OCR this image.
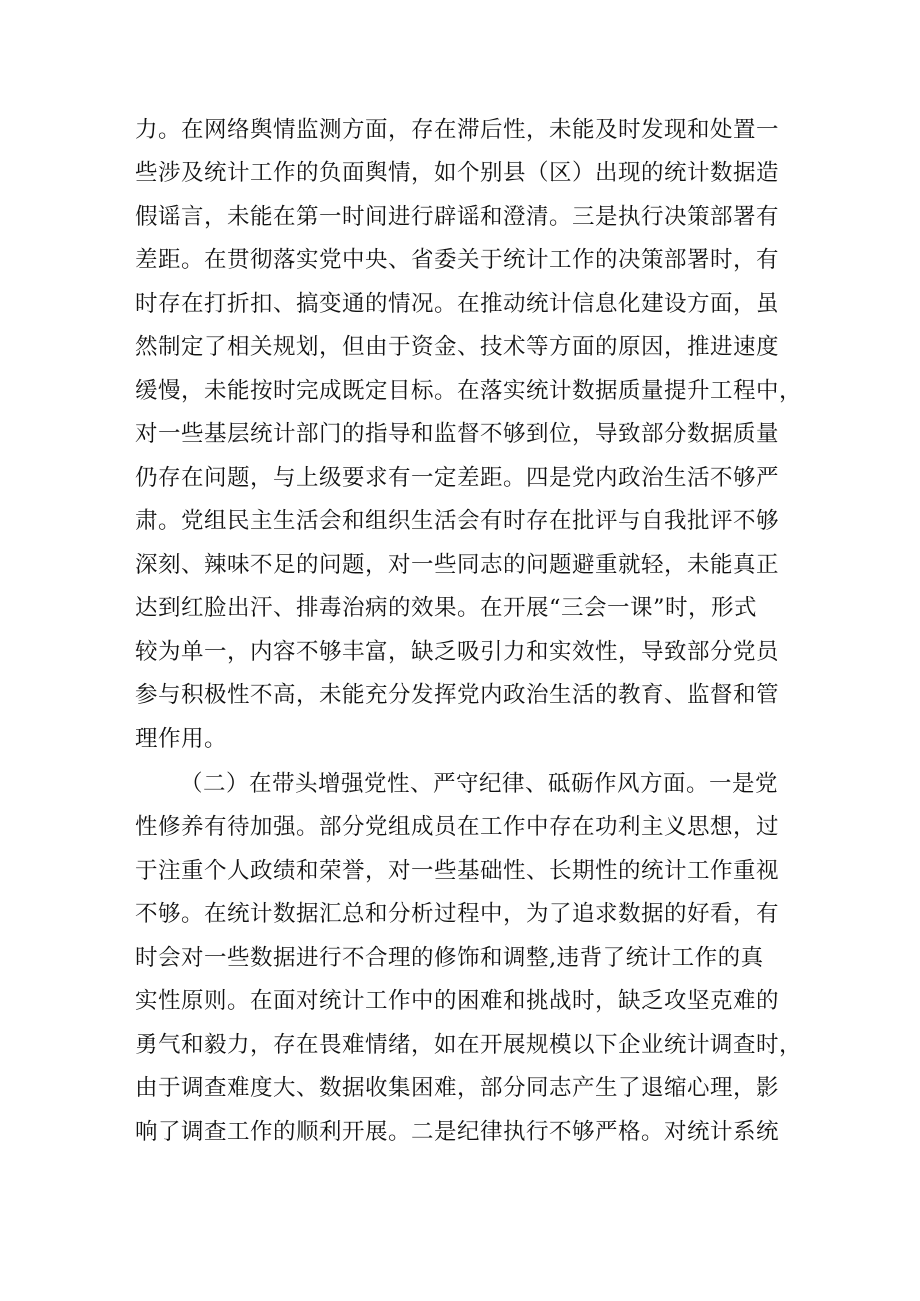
力。在网络舆情监测方面，存在滞后性，未能及时发现和处置一
些涉及统计工作的负面舆情，如个别县（区）出现的统计数据造
假谣言，未能在第一时间进行辟谣和澄清。三是执行决策部署有
差距。在贯彻落实党中央、省委关于统计工作的决策部署时，有
时存在打折扣、搞变通的情况。在推动统计信息化建设方面，虽
然制定了相关规划，但由于资金、技术等方面的原因，推进速度
缓慢，未能按时完成既定目标。在落实统计数据质量提升工程中，
对一些基层统计部门的指导和监督不够到位，导致部分数据质量
仍存在问题，与上级要求有一定差距。四是党内政治生活不够严
肃。党组民主生活会和组织生活会有时存在批评与自我批评不够
深刻、辣味不足的问题，对一些同志的问题避重就轻，未能真正
达到红脸出汗、排毒治病的效果。在开展“三会一课”时，形式
较为单一，内容不够丰富，缺乏吸引力和实效性，导致部分党员
参与积极性不高，未能充分发挥党内政治生活的教育、监督和管
理作用。
（二）在带头增强党性、严守纪律、砥砺作风方面。一是党
性修养有待加强。部分党组成员在工作中存在功利主义思想，过
于注重个人政绩和荣誉，对一些基础性、长期性的统计工作重视
不够。在统计数据汇总和分析过程中，为了追求数据的好看，有
时会对一些数据进行不合理的修饰和调整,违背了统计工作的真
实性原则。在面对统计工作中的困难和挑战时，缺乏攻坚克难的
勇气和毅力，存在畏难情绪，如在开展规模以下企业统计调查时，
由于调查难度大、数据收集困难，部分同志产生了退缩心理，影
响了调查工作的顺利开展。二是纪律执行不够严格。对统计系统
